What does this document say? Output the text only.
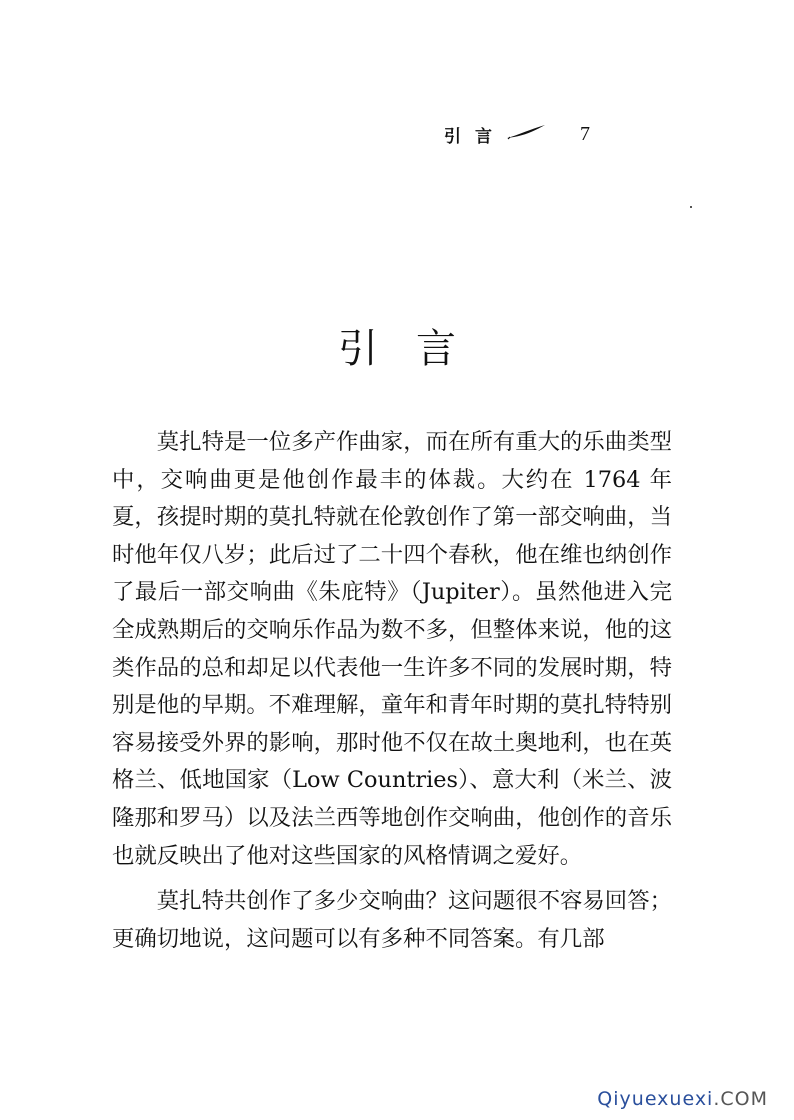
引言	7
引言

莫扎特是一位多产作曲家，而在所有重大的乐曲类型中，交响曲更是他创作最丰的体裁。大约在 1764 年夏，孩提时期的莫扎特就在伦敦创作了第一部交响曲，当时他年仅八岁；此后过了二十四个春秋，他在维也纳创作了最后一部交响曲《朱庇特》（Jupiter）。虽然他进入完全成熟期后的交响乐作品为数不多，但整体来说，他的这类作品的总和却足以代表他一生许多不同的发展时期，特别是他的早期。不难理解，童年和青年时期的莫扎特特别容易接受外界的影响，那时他不仅在故土奥地利，也在英格兰、低地国家（Low Countries）、意大利（米兰、波隆那和罗马）以及法兰西等地创作交响曲，他创作的音乐也就反映出了他对这些国家的风格情调之爱好。

莫扎特共创作了多少交响曲？这问题很不容易回答；更确切地说，这问题可以有多种不同答案。有几部

Qiyuexuexi.COM
